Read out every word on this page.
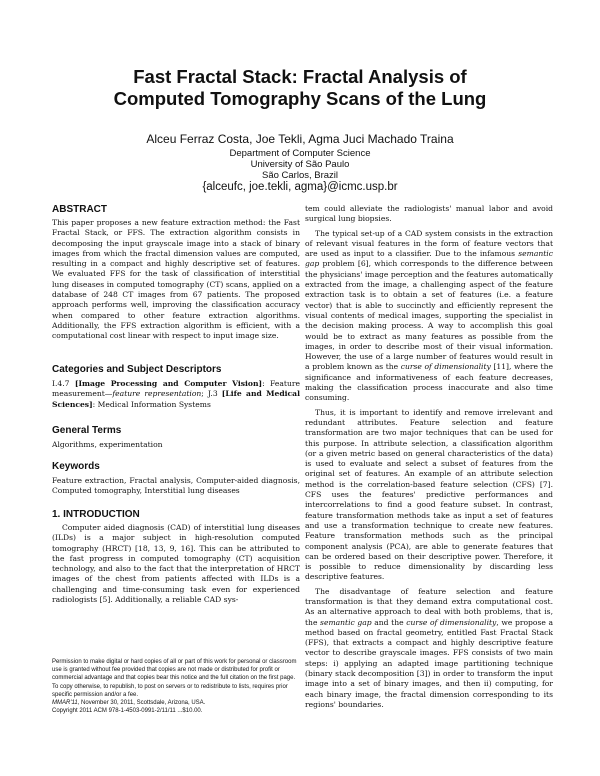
Fast Fractal Stack: Fractal Analysis of
Computed Tomography Scans of the Lung
Alceu Ferraz Costa, Joe Tekli, Agma Juci Machado Traina
Department of Computer Science
University of São Paulo
São Carlos, Brazil
{alceufc, joe.tekli, agma}@icmc.usp.br
ABSTRACT

This paper proposes a new feature extraction method: the Fast Fractal Stack, or FFS. The extraction algorithm consists in decomposing the input grayscale image into a stack of binary images from which the fractal dimension values are computed, resulting in a compact and highly descriptive set of features. We evaluated FFS for the task of classification of interstitial lung diseases in computed tomography (CT) scans, applied on a database of 248 CT images from 67 patients. The proposed approach performs well, improving the classification accuracy when compared to other feature extraction algorithms. Additionally, the FFS extraction algorithm is efficient, with a computational cost linear with respect to input image size.

Categories and Subject Descriptors

I.4.7 [Image Processing and Computer Vision]: Feature measurement—feature representation; J.3 [Life and Medical Sciences]: Medical Information Systems

General Terms
Algorithms, experimentation
Keywords
Feature extraction, Fractal analysis, Computer-aided diagnosis, Computed tomography, Interstitial lung diseases
1. INTRODUCTION
Computer aided diagnosis (CAD) of interstitial lung diseases (ILDs) is a major subject in high-resolution computed tomography (HRCT) [18, 13, 9, 16]. This can be attributed to the fast progress in computed tomography (CT) acquisition technology, and also to the fact that the interpretation of HRCT images of the chest from patients affected with ILDs is a challenging and time-consuming task even for experienced radiologists [5]. Additionally, a reliable CAD sys-
Permission to make digital or hard copies of all or part of this work for personal or classroom use is granted without fee provided that copies are not made or distributed for profit or commercial advantage and that copies bear this notice and the full citation on the first page. To copy otherwise, to republish, to post on servers or to redistribute to lists, requires prior specific permission and/or a fee.
MMAR'11, November 30, 2011, Scottsdale, Arizona, USA.
Copyright 2011 ACM 978-1-4503-0991-2/11/11 ...$10.00.

tem could alleviate the radiologists' manual labor and avoid surgical lung biopsies.

The typical set-up of a CAD system consists in the extraction of relevant visual features in the form of feature vectors that are used as input to a classifier. Due to the infamous semantic gap problem [6], which corresponds to the difference between the physicians' image perception and the features automatically extracted from the image, a challenging aspect of the feature extraction task is to obtain a set of features (i.e. a feature vector) that is able to succinctly and efficiently represent the visual contents of medical images, supporting the specialist in the decision making process. A way to accomplish this goal would be to extract as many features as possible from the images, in order to describe most of their visual information. However, the use of a large number of features would result in a problem known as the curse of dimensionality [11], where the significance and informativeness of each feature decreases, making the classification process inaccurate and also time consuming.

Thus, it is important to identify and remove irrelevant and redundant attributes. Feature selection and feature transformation are two major techniques that can be used for this purpose. In attribute selection, a classification algorithm (or a given metric based on general characteristics of the data) is used to evaluate and select a subset of features from the original set of features. An example of an attribute selection method is the correlation-based feature selection (CFS) [7]. CFS uses the features' predictive performances and intercorrelations to find a good feature subset. In contrast, feature transformation methods take as input a set of features and use a transformation technique to create new features. Feature transformation methods such as the principal component analysis (PCA), are able to generate features that can be ordered based on their descriptive power. Therefore, it is possible to reduce dimensionality by discarding less descriptive features.

The disadvantage of feature selection and feature transformation is that they demand extra computational cost. As an alternative approach to deal with both problems, that is, the semantic gap and the curse of dimensionality, we propose a method based on fractal geometry, entitled Fast Fractal Stack (FFS), that extracts a compact and highly descriptive feature vector to describe grayscale images. FFS consists of two main steps: i) applying an adapted image partitioning technique (binary stack decomposition [3]) in order to transform the input image into a set of binary images, and then ii) computing, for each binary image, the fractal dimension corresponding to its regions' boundaries.
